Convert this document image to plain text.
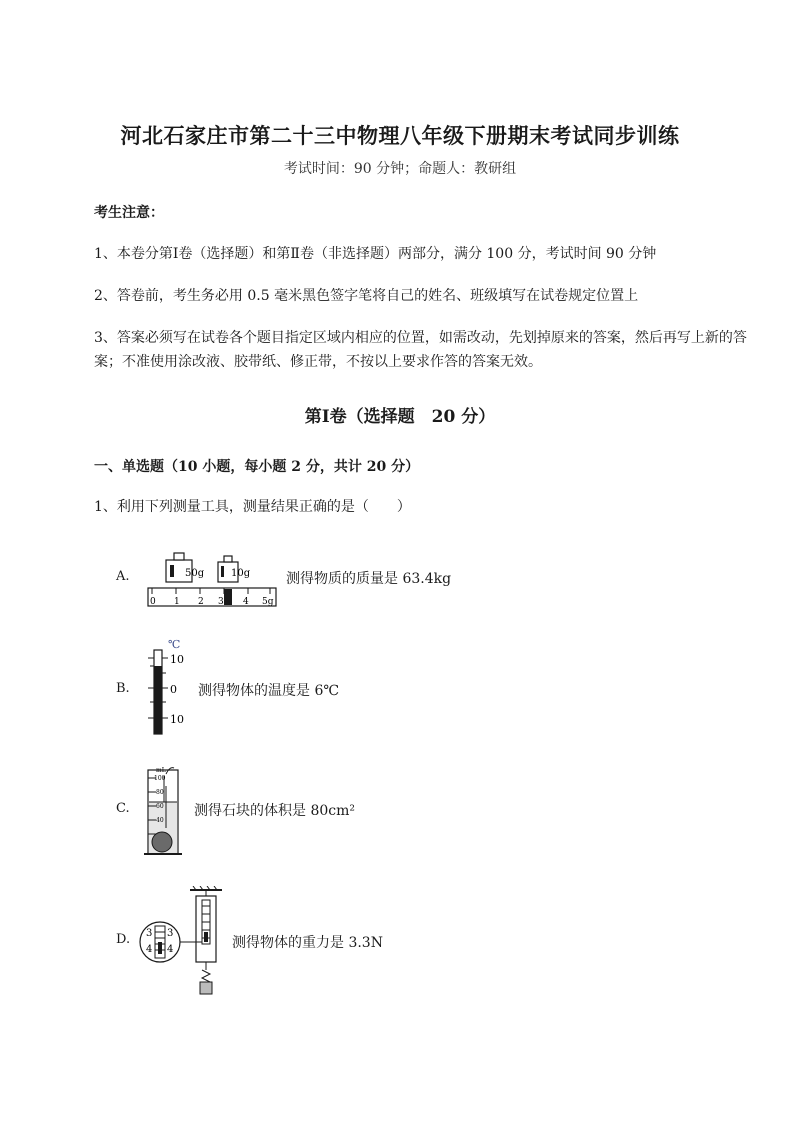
河北石家庄市第二十三中物理八年级下册期末考试同步训练
考试时间：90 分钟；命题人：教研组
考生注意：
1、本卷分第Ⅰ卷（选择题）和第Ⅱ卷（非选择题）两部分，满分 100 分，考试时间 90 分钟
2、答卷前，考生务必用 0.5 毫米黑色签字笔将自己的姓名、班级填写在试卷规定位置上
3、答案必须写在试卷各个题目指定区域内相应的位置，如需改动，先划掉原来的答案，然后再写上新的答案；不准使用涂改液、胶带纸、修正带，不按以上要求作答的答案无效。
第Ⅰ卷（选择题　20 分）
一、单选题（10 小题，每小题 2 分，共计 20 分）
1、利用下列测量工具，测量结果正确的是（　　）
A.	50g	10g
0 1 2 3 4 5g
测得物质的质量是 63.4kg
B.
℃
10
0
10
测得物体的温度是 6℃
C.
mL
100
80
60
40
测得石块的体积是 80cm²
D. 3
4
3
4	测得物体的重力是 3.3N
